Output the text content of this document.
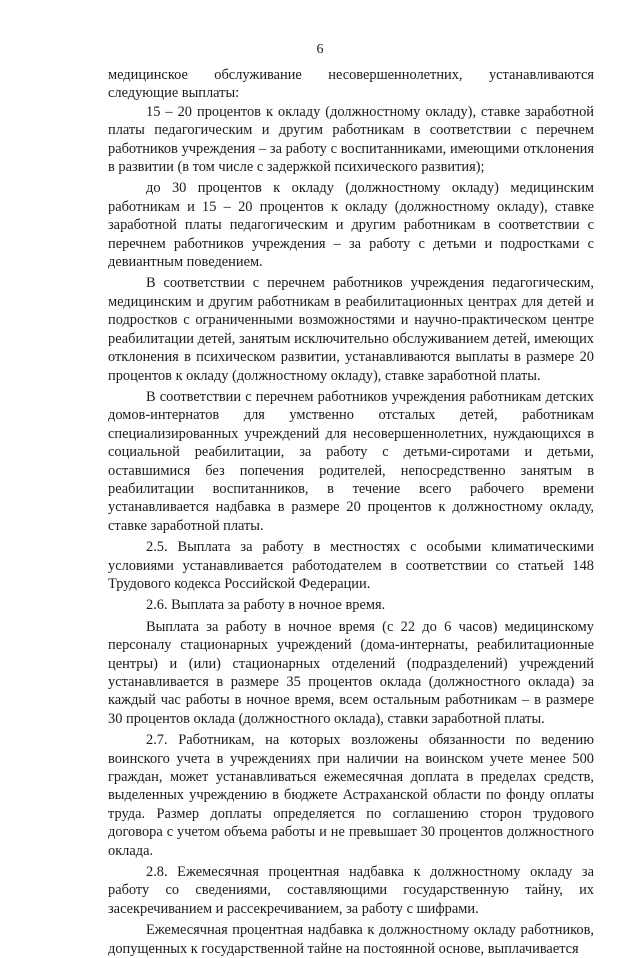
6

медицинское обслуживание несовершеннолетних, устанавливаются следующие выплаты:

15 – 20 процентов к окладу (должностному окладу), ставке заработной платы педагогическим и другим работникам в соответствии с перечнем работников учреждения – за работу с воспитанниками, имеющими отклонения в развитии (в том числе с задержкой психического развития);

до 30 процентов к окладу (должностному окладу) медицинским работникам и 15 – 20 процентов к окладу (должностному окладу), ставке заработной платы педагогическим и другим работникам в соответствии с перечнем работников учреждения – за работу с детьми и подростками с девиантным поведением.

В соответствии с перечнем работников учреждения педагогическим, медицинским и другим работникам в реабилитационных центрах для детей и подростков с ограниченными возможностями и научно-практическом центре реабилитации детей, занятым исключительно обслуживанием детей, имеющих отклонения в психическом развитии, устанавливаются выплаты в размере 20 процентов к окладу (должностному окладу), ставке заработной платы.

В соответствии с перечнем работников учреждения работникам детских домов-интернатов для умственно отсталых детей, работникам специализированных учреждений для несовершеннолетних, нуждающихся в социальной реабилитации, за работу с детьми-сиротами и детьми, оставшимися без попечения родителей, непосредственно занятым в реабилитации воспитанников, в течение всего рабочего времени устанавливается надбавка в размере 20 процентов к должностному окладу, ставке заработной платы.

2.5. Выплата за работу в местностях с особыми климатическими условиями устанавливается работодателем в соответствии со статьей 148 Трудового кодекса Российской Федерации.

2.6. Выплата за работу в ночное время.

Выплата за работу в ночное время (с 22 до 6 часов) медицинскому персоналу стационарных учреждений (дома-интернаты, реабилитационные центры) и (или) стационарных отделений (подразделений) учреждений устанавливается в размере 35 процентов оклада (должностного оклада) за каждый час работы в ночное время, всем остальным работникам – в размере 30 процентов оклада (должностного оклада), ставки заработной платы.

2.7. Работникам, на которых возложены обязанности по ведению воинского учета в учреждениях при наличии на воинском учете менее 500 граждан, может устанавливаться ежемесячная доплата в пределах средств, выделенных учреждению в бюджете Астраханской области по фонду оплаты труда. Размер доплаты определяется по соглашению сторон трудового договора с учетом объема работы и не превышает 30 процентов должностного оклада.

2.8. Ежемесячная процентная надбавка к должностному окладу за работу со сведениями, составляющими государственную тайну, их засекречиванием и рассекречиванием, за работу с шифрами.

Ежемесячная процентная надбавка к должностному окладу работников, допущенных к государственной тайне на постоянной основе, выплачивается
